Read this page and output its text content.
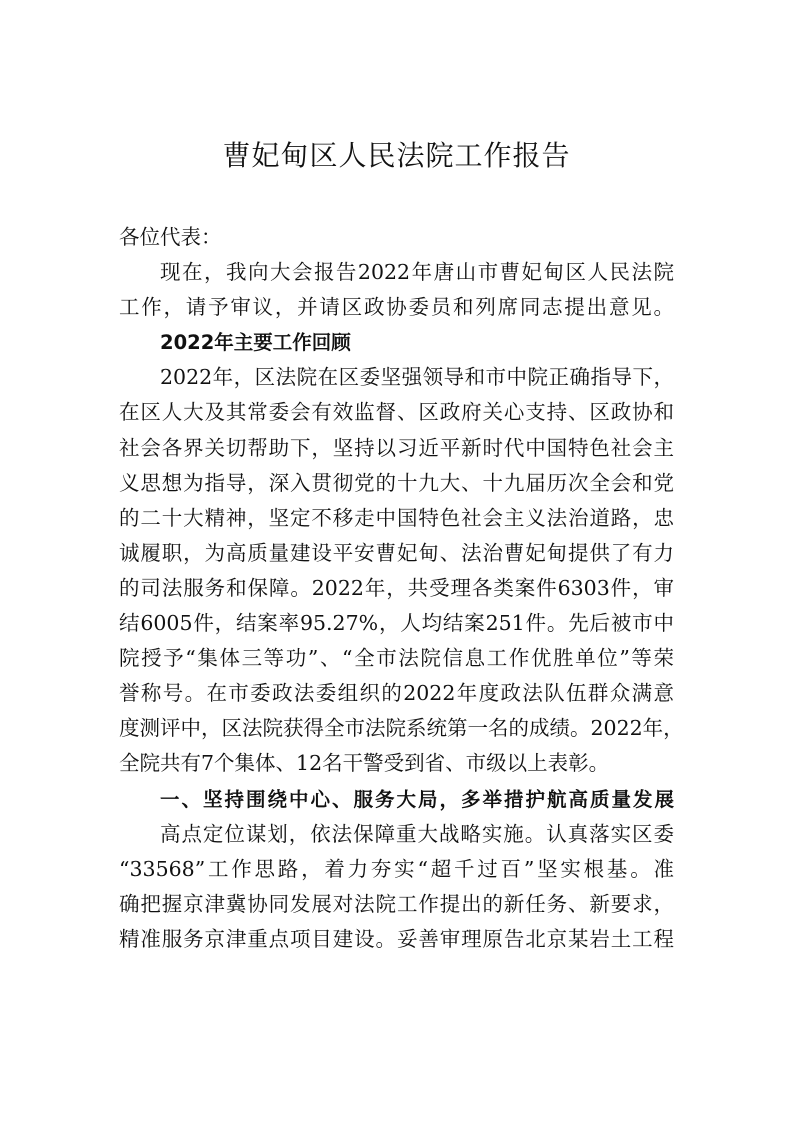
曹妃甸区人民法院工作报告
各位代表：
现在，我向大会报告2022年唐山市曹妃甸区人民法院
工作，请予审议，并请区政协委员和列席同志提出意见。
2022年主要工作回顾
2022年，区法院在区委坚强领导和市中院正确指导下，
在区人大及其常委会有效监督、区政府关心支持、区政协和
社会各界关切帮助下，坚持以习近平新时代中国特色社会主
义思想为指导，深入贯彻党的十九大、十九届历次全会和党
的二十大精神，坚定不移走中国特色社会主义法治道路，忠
诚履职，为高质量建设平安曹妃甸、法治曹妃甸提供了有力
的司法服务和保障。2022年，共受理各类案件6303件，审
结6005件，结案率95.27%，人均结案251件。先后被市中
院授予“集体三等功”、“全市法院信息工作优胜单位”等荣
誉称号。在市委政法委组织的2022年度政法队伍群众满意
度测评中，区法院获得全市法院系统第一名的成绩。2022年，
全院共有7个集体、12名干警受到省、市级以上表彰。
一、坚持围绕中心、服务大局，多举措护航高质量发展
高点定位谋划，依法保障重大战略实施。认真落实区委
“33568”工作思路，着力夯实“超千过百”坚实根基。准
确把握京津冀协同发展对法院工作提出的新任务、新要求，
精准服务京津重点项目建设。妥善审理原告北京某岩土工程
